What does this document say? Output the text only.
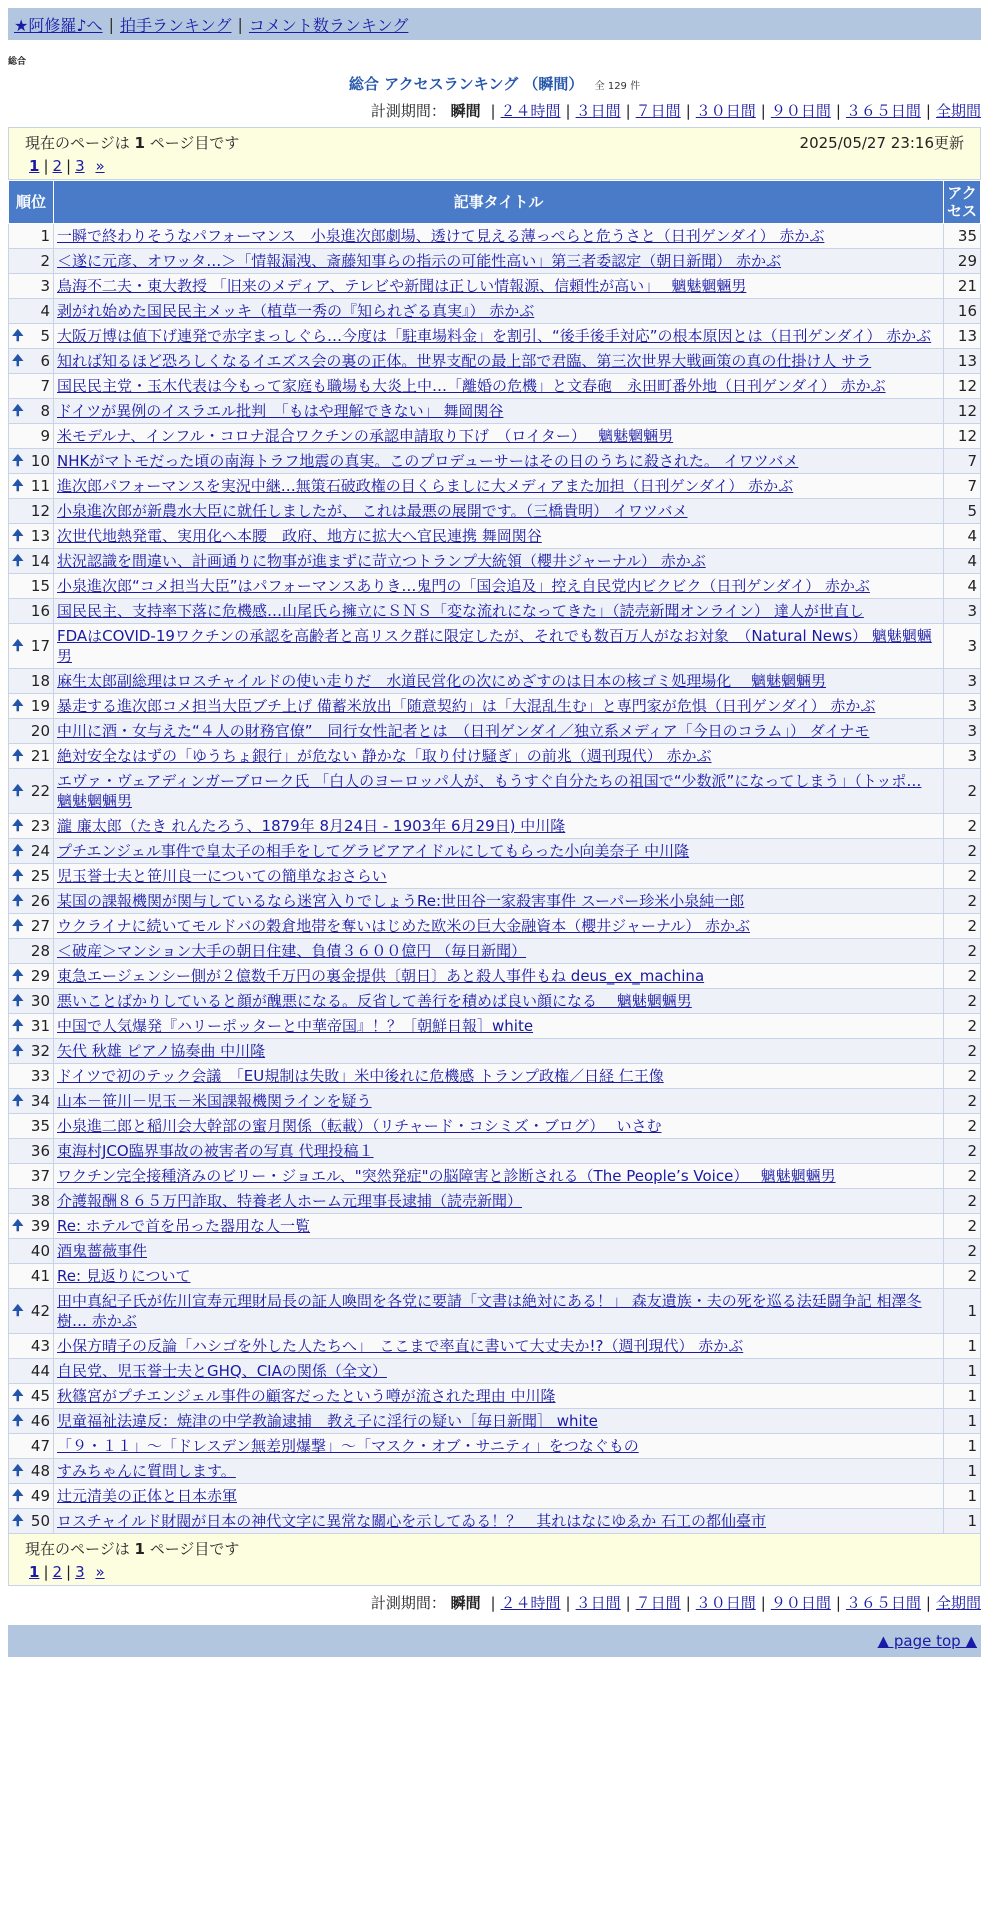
★阿修羅♪へ | 拍手ランキング | コメント数ランキング
総合
総合 アクセスランキング （瞬間） 全 129 件
計測期間： 瞬間 | ２４時間 | ３日間 | ７日間 | ３０日間 | ９０日間 | ３６５日間 | 全期間
現在のページは 1 ページ目です	2025/05/27 23:16更新
1 | 2 | 3 »
順位	記事タイトル	アクセス
1	一瞬で終わりそうなパフォーマンス　小泉進次郎劇場、透けて見える薄っぺらと危うさと（日刊ゲンダイ） 赤かぶ	35
2	＜遂に元彦、オワッタ…＞「情報漏洩、斎藤知事らの指示の可能性高い」第三者委認定（朝日新聞） 赤かぶ	29
3	鳥海不二夫・東大教授 「旧来のメディア、テレビや新聞は正しい情報源、信頼性が高い」　 魑魅魍魎男	21
4	剥がれ始めた国民民主メッキ（植草一秀の『知られざる真実』） 赤かぶ	16

🠉 5	大阪万博は値下げ連発で赤字まっしぐら…今度は「駐車場料金」を割引、“後手後手対応”の根本原因とは（日刊ゲンダイ） 赤かぶ	13

🠉 6	知れば知るほど恐ろしくなるイエズス会の裏の正体。世界支配の最上部で君臨、第三次世界大戦画策の真の仕掛け人 サラ	13
7	国民民主党・玉木代表は今もって家庭も職場も大炎上中…「離婚の危機」と文春砲　永田町番外地（日刊ゲンダイ） 赤かぶ	12

🠉 8	ドイツが異例のイスラエル批判　「もはや理解できない」 舞岡関谷	12
9	米モデルナ、インフル・コロナ混合ワクチンの承認申請取り下げ　（ロイター）　 魑魅魍魎男	12

🠉 10	NHKがマトモだった頃の南海トラフ地震の真実。このプロデューサーはその日のうちに殺された。 イワツバメ	7

🠉 11	進次郎パフォーマンスを実況中継…無策石破政権の目くらましに大メディアまた加担（日刊ゲンダイ） 赤かぶ	7
12	小泉進次郎が新農水大臣に就任しましたが、 これは最悪の展開です。（三橋貴明） イワツバメ	5

🠉 13	次世代地熱発電、実用化へ本腰　政府、地方に拡大へ官民連携 舞岡関谷	4

🠉 14	状況認識を間違い、計画通りに物事が進まずに苛立つトランプ大統領（櫻井ジャーナル） 赤かぶ	4
15	小泉進次郎“コメ担当大臣”はパフォーマンスありき…鬼門の「国会追及」控え自民党内ビクビク（日刊ゲンダイ） 赤かぶ	4
16	国民民主、支持率下落に危機感…山尾氏ら擁立にＳＮＳ「変な流れになってきた」（読売新聞オンライン） 達人が世直し	3

🠉 17	FDAはCOVID-19ワクチンの承認を高齢者と高リスク群に限定したが、それでも数百万人がなお対象　（Natural News） 魑魅魍魎男	3
18	麻生太郎副総理はロスチャイルドの使い走りだ　水道民営化の次にめざすのは日本の核ゴミ処理場化　 魑魅魍魎男	3

🠉 19	暴走する進次郎コメ担当大臣ブチ上げ 備蓄米放出「随意契約」は「大混乱生む」と専門家が危惧（日刊ゲンダイ） 赤かぶ	3
20	中川に酒・女与えた“４人の財務官僚”　同行女性記者とは　（日刊ゲンダイ／独立系メディア「今日のコラム」） ダイナモ	3

🠉 21	絶対安全なはずの「ゆうちょ銀行」が危ない 静かな「取り付け騒ぎ」の前兆（週刊現代） 赤かぶ	3

🠉 22	エヴァ・ヴェアディンガーブローク氏 「白人のヨーロッパ人が、もうすぐ自分たちの祖国で“少数派”になってしまう」（トッポ… 魑魅魍魎男	2

🠉 23	瀧 廉太郎（たき れんたろう、1879年 8月24日 - 1903年 6月29日) 中川隆	2

🠉 24	プチエンジェル事件で皇太子の相手をしてグラビアアイドルにしてもらった小向美奈子 中川隆	2

🠉 25	児玉誉士夫と笹川良一についての簡単なおさらい	2

🠉 26	某国の課報機関が関与しているなら迷宮入りでしょうRe:世田谷一家殺害事件 スーパー珍米小泉純一郎	2

🠉 27	ウクライナに続いてモルドバの穀倉地帯を奪いはじめた欧米の巨大金融資本（櫻井ジャーナル） 赤かぶ	2
28	＜破産＞マンション大手の朝日住建、負債３６００億円 （毎日新聞）	2

🠉 29	東急エージェンシー側が２億数千万円の裏金提供〔朝日〕あと殺人事件もね deus_ex_machina	2

🠉 30	悪いことばかりしていると顔が醜悪になる。反省して善行を積めば良い顔になる　 魑魅魍魎男	2

🠉 31	中国で人気爆発『ハリーポッターと中華帝国』！？［朝鮮日報］white	2

🠉 32	矢代 秋雄 ピアノ協奏曲 中川隆	2
33	ドイツで初のテック会議　「EU規制は失敗」米中後れに危機感 トランプ政権／日経 仁王像	2

🠉 34	山本－笹川－児玉－米国課報機関ラインを疑う	2
35	小泉進二郎と稲川会大幹部の蜜月関係（転載）（リチャード・コシミズ・ブログ）　 いさむ	2
36	東海村JCO臨界事故の被害者の写真 代理投稿１	2
37	ワクチン完全接種済みのビリー・ジョエル、"突然発症"の脳障害と診断される（The People’s Voice）　 魑魅魍魎男	2
38	介護報酬８６５万円詐取、特養老人ホーム元理事長逮捕（読売新聞）	2

🠉 39	Re: ホテルで首を吊った器用な人一覧	2
40	酒鬼薔薇事件	2
41	Re: 見返りについて	2

🠉 42	田中真紀子氏が佐川宣寿元理財局長の証人喚問を各党に要請「文書は絶対にある！」 森友遺族・夫の死を巡る法廷闘争記 相澤冬樹… 赤かぶ	1
43	小保方晴子の反論「ハシゴを外した人たちへ」　ここまで率直に書いて大丈夫か!?（週刊現代） 赤かぶ	1
44	自民党、児玉誉士夫とGHQ、CIAの関係（全文）	1

🠉 45	秋篠宮がプチエンジェル事件の顧客だったという噂が流された理由 中川隆	1

🠉 46	児童福祉法違反：焼津の中学教諭逮捕　教え子に淫行の疑い［毎日新聞］ white	1
47	「９・１１」～「ドレスデン無差別爆撃」～「マスク・オブ・サニティ」をつなぐもの	1

🠉 48	すみちゃんに質問します。	1

🠉 49	辻元清美の正体と日本赤軍	1

🠉 50	ロスチャイルド財閥が日本の神代文字に異常な關心を示してゐる！？　其れはなにゆゑか 石工の都仙臺市	1
現在のページは 1 ページ目です
1 | 2 | 3 »
計測期間： 瞬間 | ２４時間 | ３日間 | ７日間 | ３０日間 | ９０日間 | ３６５日間 | 全期間
▲ page top ▲
